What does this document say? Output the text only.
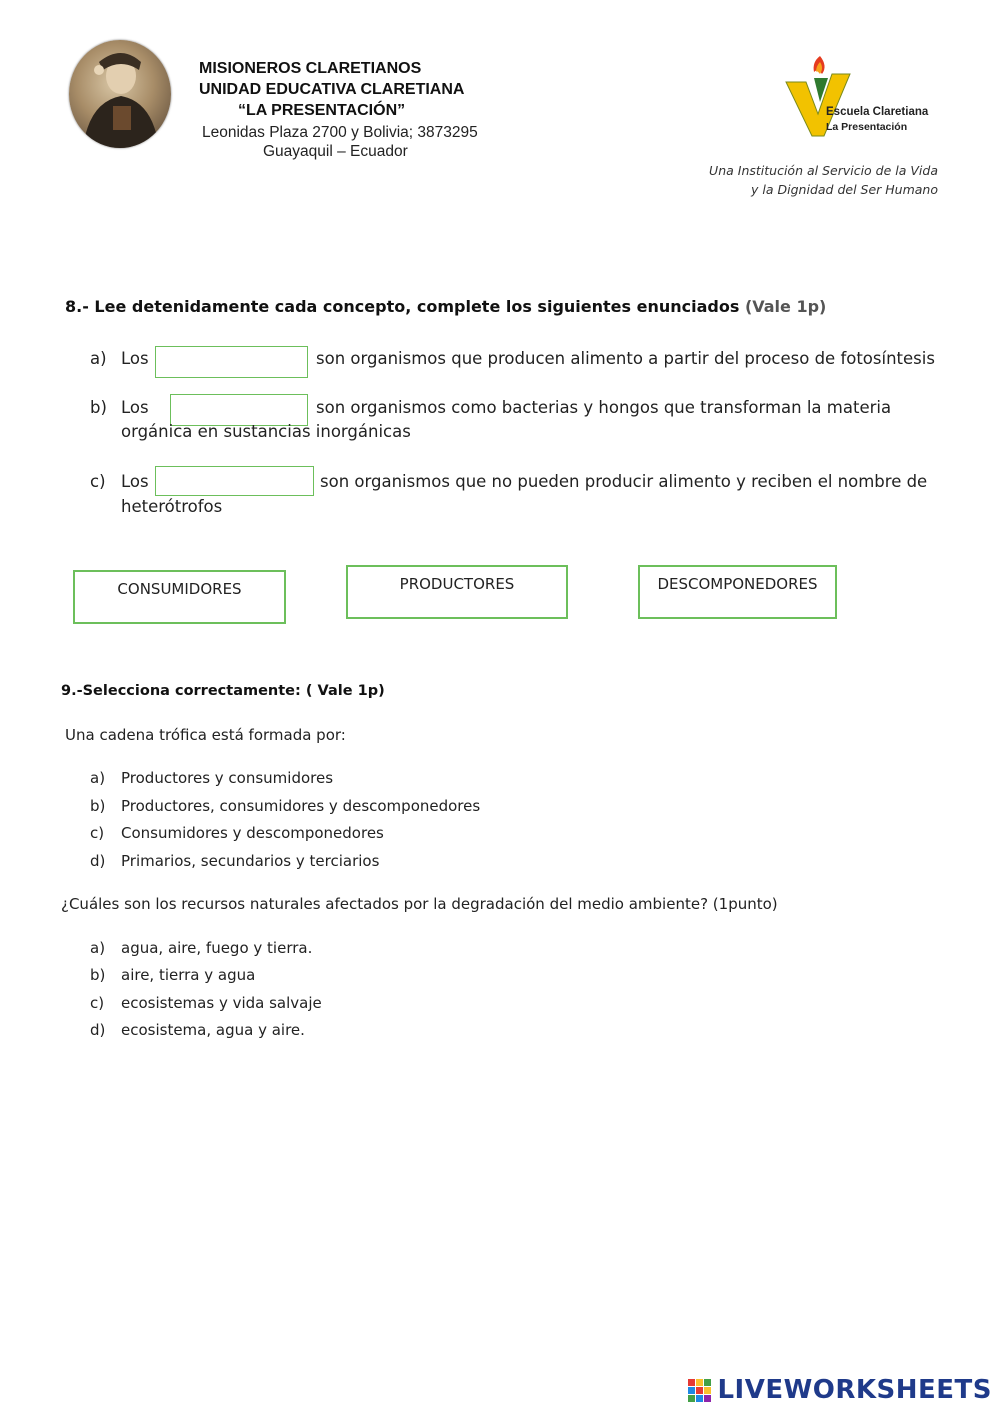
MISIONEROS CLARETIANOS
UNIDAD EDUCATIVA CLARETIANA
“LA PRESENTACIÓN”
Leonidas Plaza 2700 y Bolivia; 3873295
Guayaquil – Ecuador
Escuela Claretiana
La Presentación
Una Institución al Servicio de la Vida
y la Dignidad del Ser Humano
8.- Lee detenidamente cada concepto, complete los siguientes enunciados (Vale 1p)
a) Los	son organismos que producen alimento a partir del proceso de fotosíntesis
b) Los	son organismos como bacterias y hongos que transforman la materia
orgánica en sustancias inorgánicas
c) Los	son organismos que no pueden producir alimento y reciben el nombre de
heterótrofos
CONSUMIDORES	PRODUCTORES	DESCOMPONEDORES
9.-Selecciona correctamente: ( Vale 1p)
Una cadena trófica está formada por:
a) Productores y consumidores
b) Productores, consumidores y descomponedores
c) Consumidores y descomponedores
d) Primarios, secundarios y terciarios
¿Cuáles son los recursos naturales afectados por la degradación del medio ambiente? (1punto)
a) agua, aire, fuego y tierra.
b) aire, tierra y agua
c) ecosistemas y vida salvaje
d) ecosistema, agua y aire.
LIVEWORKSHEETS
